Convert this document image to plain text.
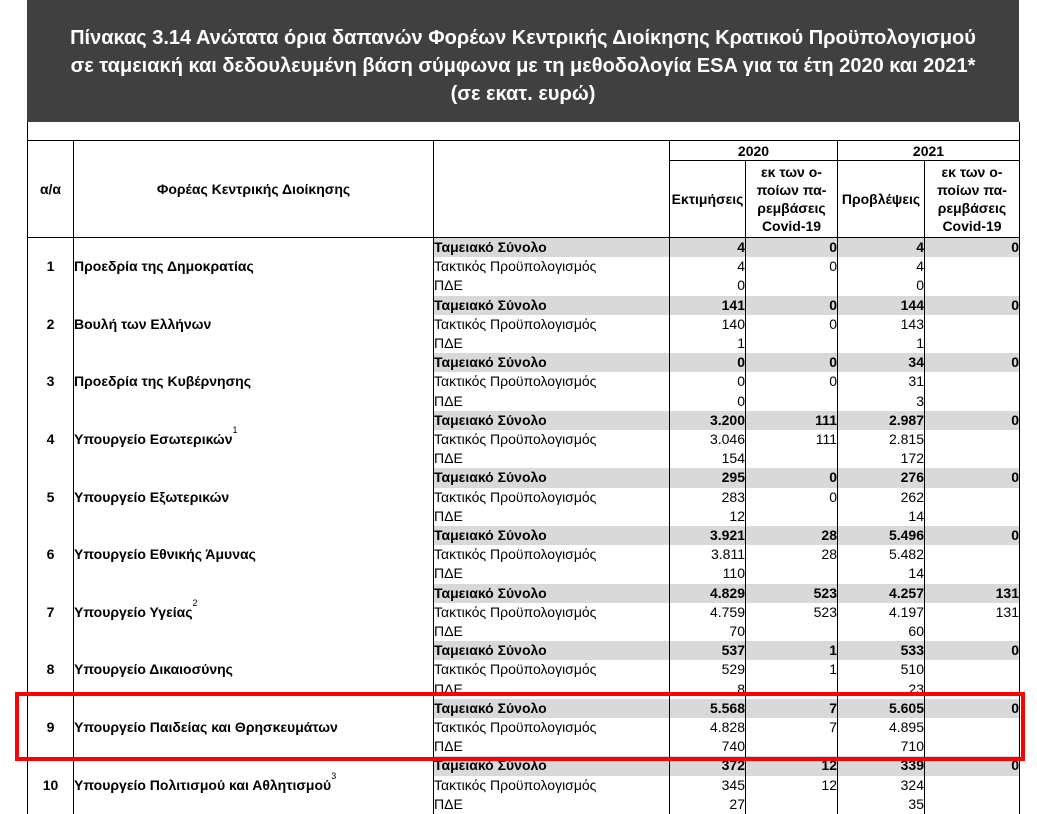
Πίνακας 3.14 Ανώτατα όρια δαπανών Φορέων Κεντρικής Διοίκησης Κρατικού Προϋπολογισμού
σε ταμειακή και δεδουλευμένη βάση σύμφωνα με τη μεθοδολογία ESA για τα έτη 2020 και 2021*
(σε εκατ. ευρώ)
α/α	Φορέας Κεντρικής Διοίκησης		2020		2021	
			Εκτιμήσεις	εκ των ο-ποίων πα-ρεμβάσεις Covid-19	Προβλέψεις	εκ των ο-ποίων πα-ρεμβάσεις Covid-19
1	Προεδρία της Δημοκρατίας	Ταμειακό Σύνολο	4	0	4	0
		Τακτικός Προϋπολογισμός	4	0	4	
		ΠΔΕ	0		0	
2	Βουλή των Ελλήνων	Ταμειακό Σύνολο	141	0	144	0
		Τακτικός Προϋπολογισμός	140	0	143	
		ΠΔΕ	1		1	
3	Προεδρία της Κυβέρνησης	Ταμειακό Σύνολο	0	0	34	0
		Τακτικός Προϋπολογισμός	0	0	31	
		ΠΔΕ	0		3	
4	Υπουργείο Εσωτερικών$^1$	Ταμειακό Σύνολο	3.200	111	2.987	0
		Τακτικός Προϋπολογισμός	3.046	111	2.815	
		ΠΔΕ	154		172	
5	Υπουργείο Εξωτερικών	Ταμειακό Σύνολο	295	0	276	0
		Τακτικός Προϋπολογισμός	283	0	262	
		ΠΔΕ	12		14	
6	Υπουργείο Εθνικής Άμυνας	Ταμειακό Σύνολο	3.921	28	5.496	0
		Τακτικός Προϋπολογισμός	3.811	28	5.482	
		ΠΔΕ	110		14	
7	Υπουργείο Υγείας$^2$	Ταμειακό Σύνολο	4.829	523	4.257	131
		Τακτικός Προϋπολογισμός	4.759	523	4.197	131
		ΠΔΕ	70		60	
8	Υπουργείο Δικαιοσύνης	Ταμειακό Σύνολο	537	1	533	0
		Τακτικός Προϋπολογισμός	529	1	510	
		ΠΔΕ	8		23	
9	Υπουργείο Παιδείας και Θρησκευμάτων	Ταμειακό Σύνολο	5.568	7	5.605	0
		Τακτικός Προϋπολογισμός	4.828	7	4.895	
		ΠΔΕ	740		710	
10	Υπουργείο Πολιτισμού και Αθλητισμού$^3$	Ταμειακό Σύνολο	372	12	339	0
		Τακτικός Προϋπολογισμός	345	12	324	
		ΠΔΕ	27		35	
